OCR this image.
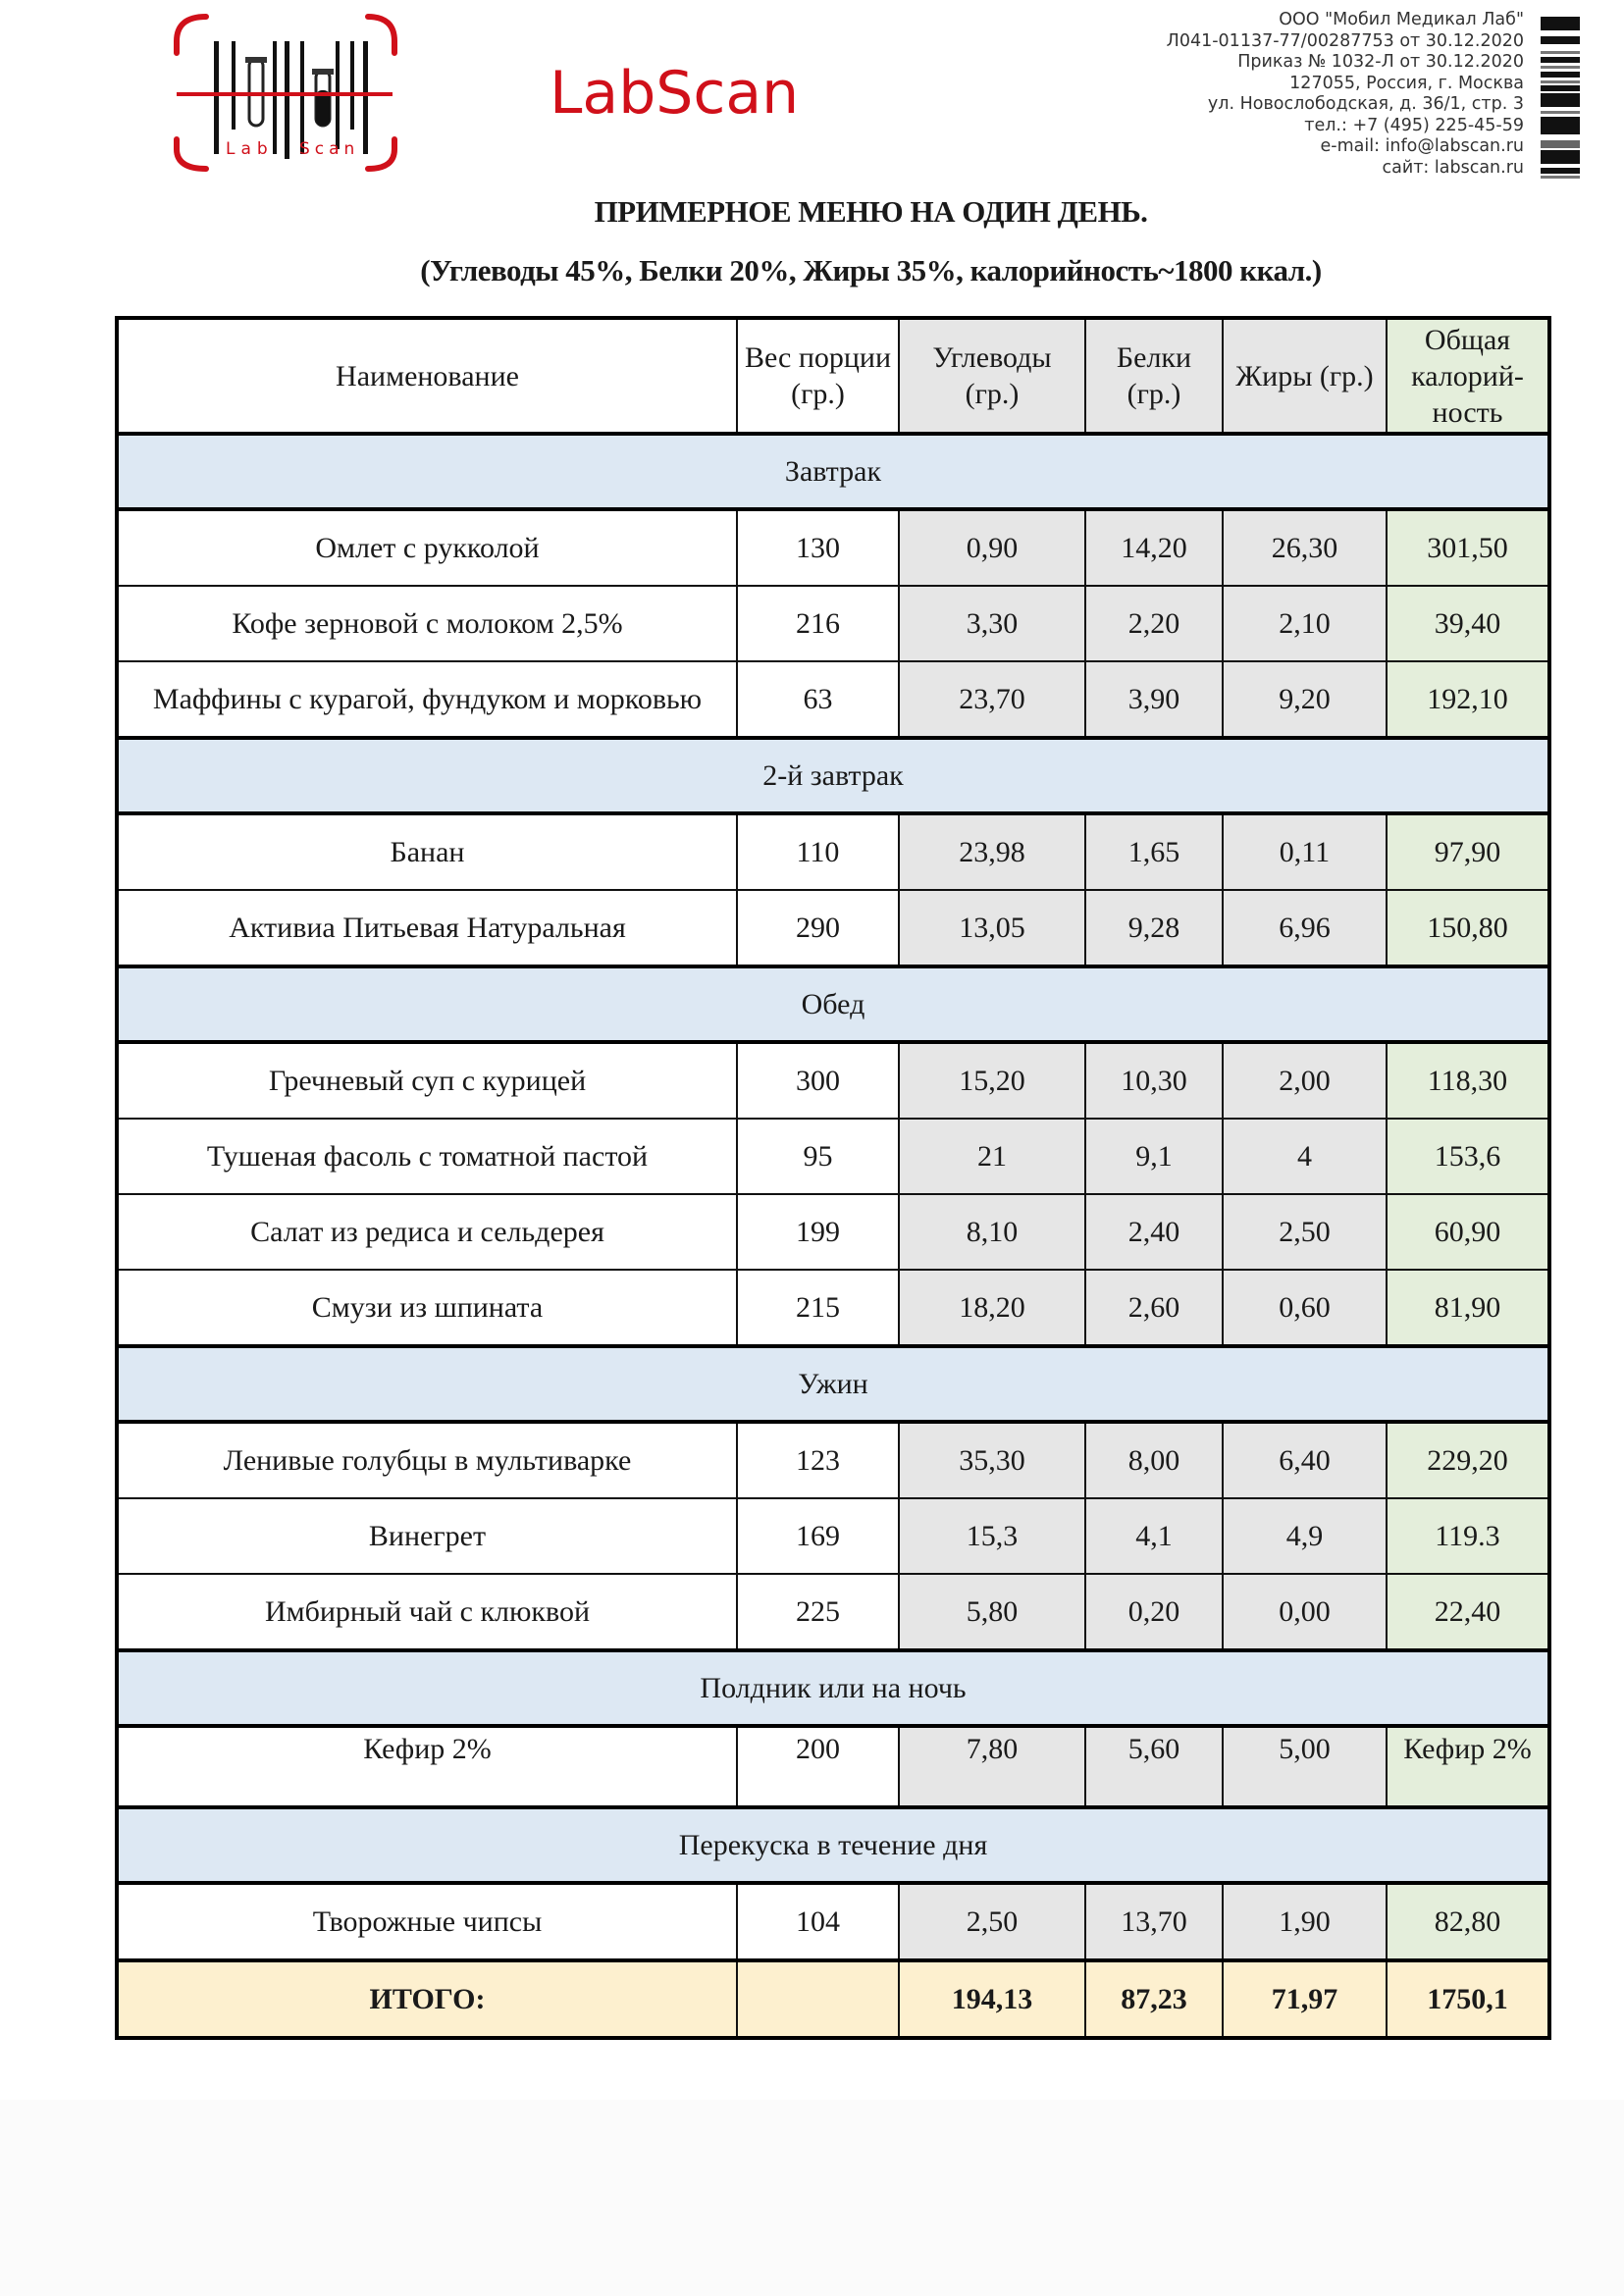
Lab Scan
LabScan
ООО "Мобил Медикал Лаб"
Л041-01137-77/00287753 от 30.12.2020
Приказ № 1032-Л от 30.12.2020
127055, Россия, г. Москва
ул. Новослободская, д. 36/1, стр. 3
тел.: +7 (495) 225-45-59
e-mail: info@labscan.ru
сайт: labscan.ru
ПРИМЕРНОЕ МЕНЮ НА ОДИН ДЕНЬ.
(Углеводы 45%, Белки 20%, Жиры 35%, калорийность~1800 ккал.)
Наименование	Вес порции (гр.)	Углеводы (гр.)	Белки (гр.)	Жиры (гр.)	Общая калорий-ность
Завтрак					
Омлет с рукколой	130	0,90	14,20	26,30	301,50
Кофе зерновой с молоком 2,5%	216	3,30	2,20	2,10	39,40
Маффины с курагой, фундуком и морковью	63	23,70	3,90	9,20	192,10
2-й завтрак					
Банан	110	23,98	1,65	0,11	97,90
Активиа Питьевая Натуральная	290	13,05	9,28	6,96	150,80
Обед					
Гречневый суп с курицей	300	15,20	10,30	2,00	118,30
Тушеная фасоль с томатной пастой	95	21	9,1	4	153,6
Салат из редиса и сельдерея	199	8,10	2,40	2,50	60,90
Смузи из шпината	215	18,20	2,60	0,60	81,90
Ужин					
Ленивые голубцы в мультиварке	123	35,30	8,00	6,40	229,20
Винегрет	169	15,3	4,1	4,9	119.3
Имбирный чай с клюквой	225	5,80	0,20	0,00	22,40
Полдник или на ночь					
Кефир 2%	200	7,80	5,60	5,00	Кефир 2%
Перекуска в течение дня					
Творожные чипсы	104	2,50	13,70	1,90	82,80
ИТОГО:		194,13	87,23	71,97	1750,1
